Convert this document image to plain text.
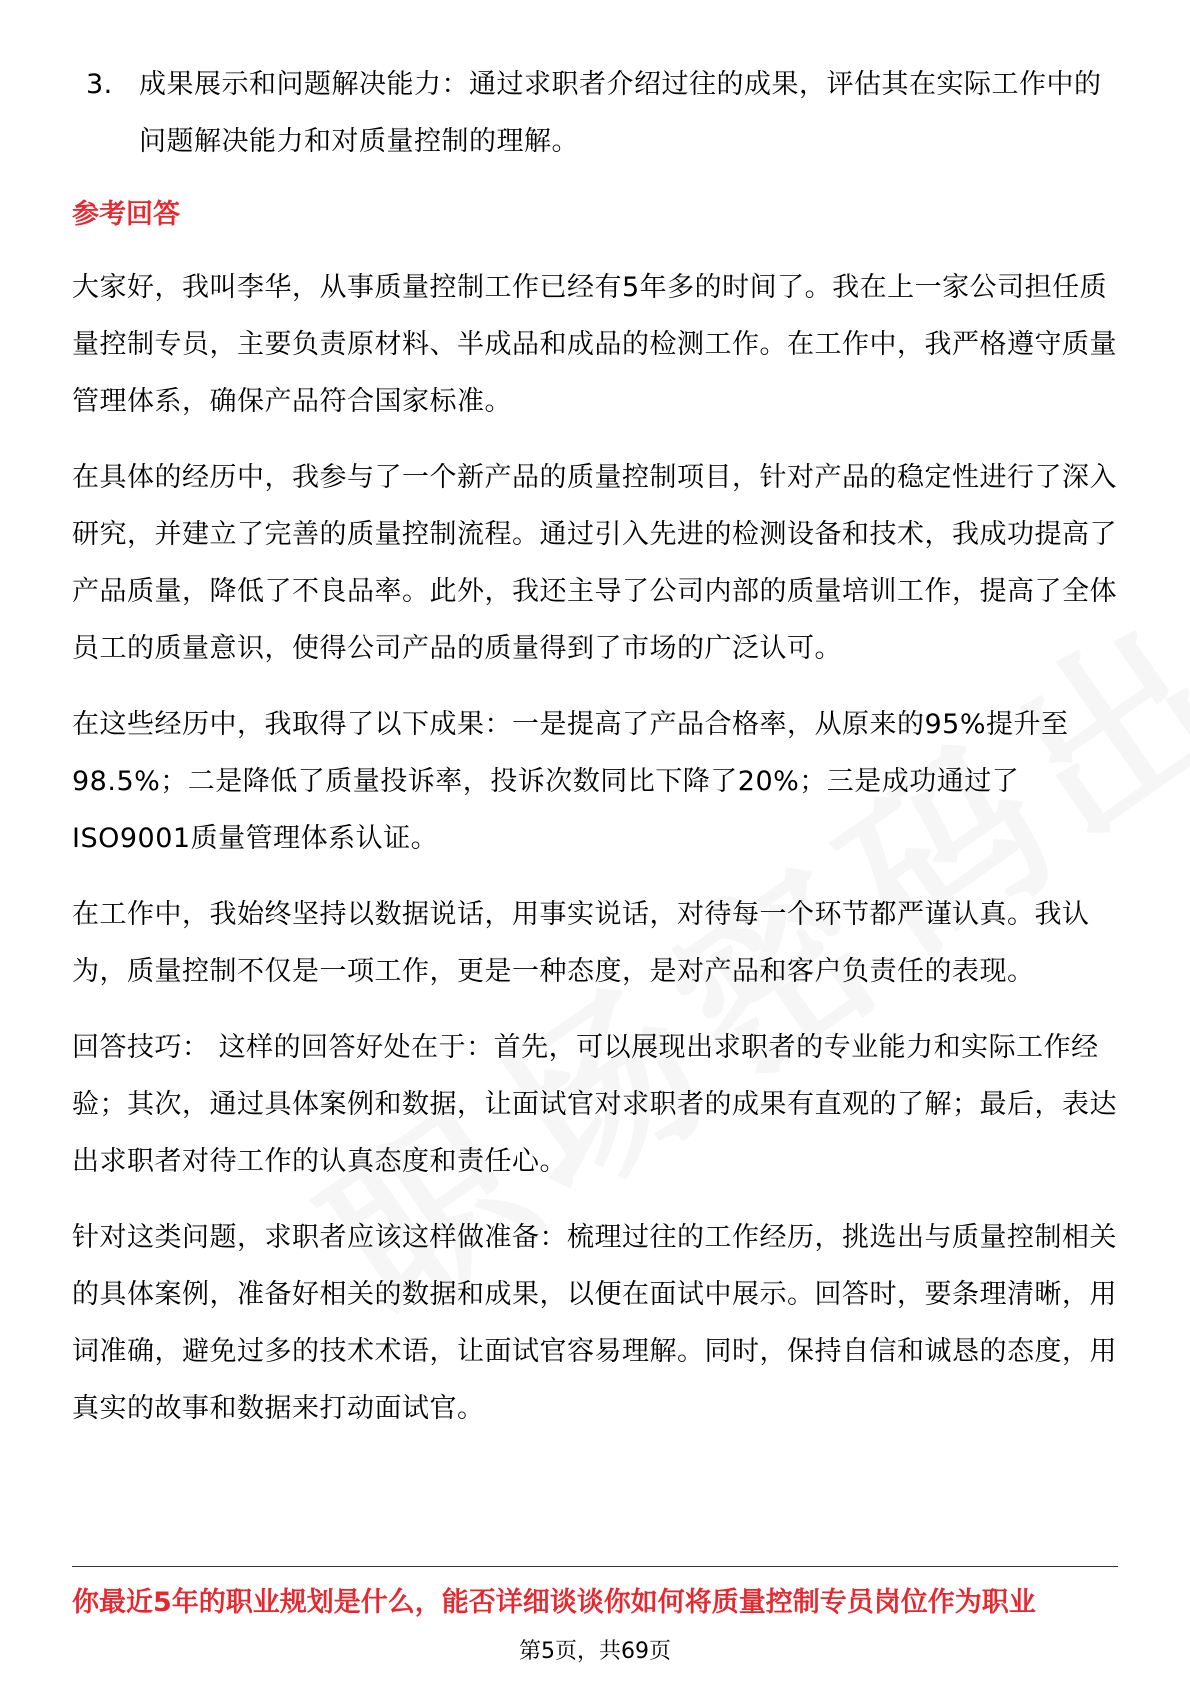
3. 成果展示和问题解决能力：通过求职者介绍过往的成果，评估其在实际工作中的问题解决能力和对质量控制的理解。
参考回答
大家好，我叫李华，从事质量控制工作已经有5年多的时间了。我在上一家公司担任质量控制专员，主要负责原材料、半成品和成品的检测工作。在工作中，我严格遵守质量管理体系，确保产品符合国家标准。
在具体的经历中，我参与了一个新产品的质量控制项目，针对产品的稳定性进行了深入研究，并建立了完善的质量控制流程。通过引入先进的检测设备和技术，我成功提高了产品质量，降低了不良品率。此外，我还主导了公司内部的质量培训工作，提高了全体员工的质量意识，使得公司产品的质量得到了市场的广泛认可。
在这些经历中，我取得了以下成果：一是提高了产品合格率，从原来的95%提升至98.5%；二是降低了质量投诉率，投诉次数同比下降了20%；三是成功通过了ISO9001质量管理体系认证。
在工作中，我始终坚持以数据说话，用事实说话，对待每一个环节都严谨认真。我认为，质量控制不仅是一项工作，更是一种态度，是对产品和客户负责任的表现。
回答技巧： 这样的回答好处在于：首先，可以展现出求职者的专业能力和实际工作经验；其次，通过具体案例和数据，让面试官对求职者的成果有直观的了解；最后，表达出求职者对待工作的认真态度和责任心。
针对这类问题，求职者应该这样做准备：梳理过往的工作经历，挑选出与质量控制相关的具体案例，准备好相关的数据和成果，以便在面试中展示。回答时，要条理清晰，用词准确，避免过多的技术术语，让面试官容易理解。同时，保持自信和诚恳的态度，用真实的故事和数据来打动面试官。
你最近5年的职业规划是什么，能否详细谈谈你如何将质量控制专员岗位作为职业
第5页，共69页
